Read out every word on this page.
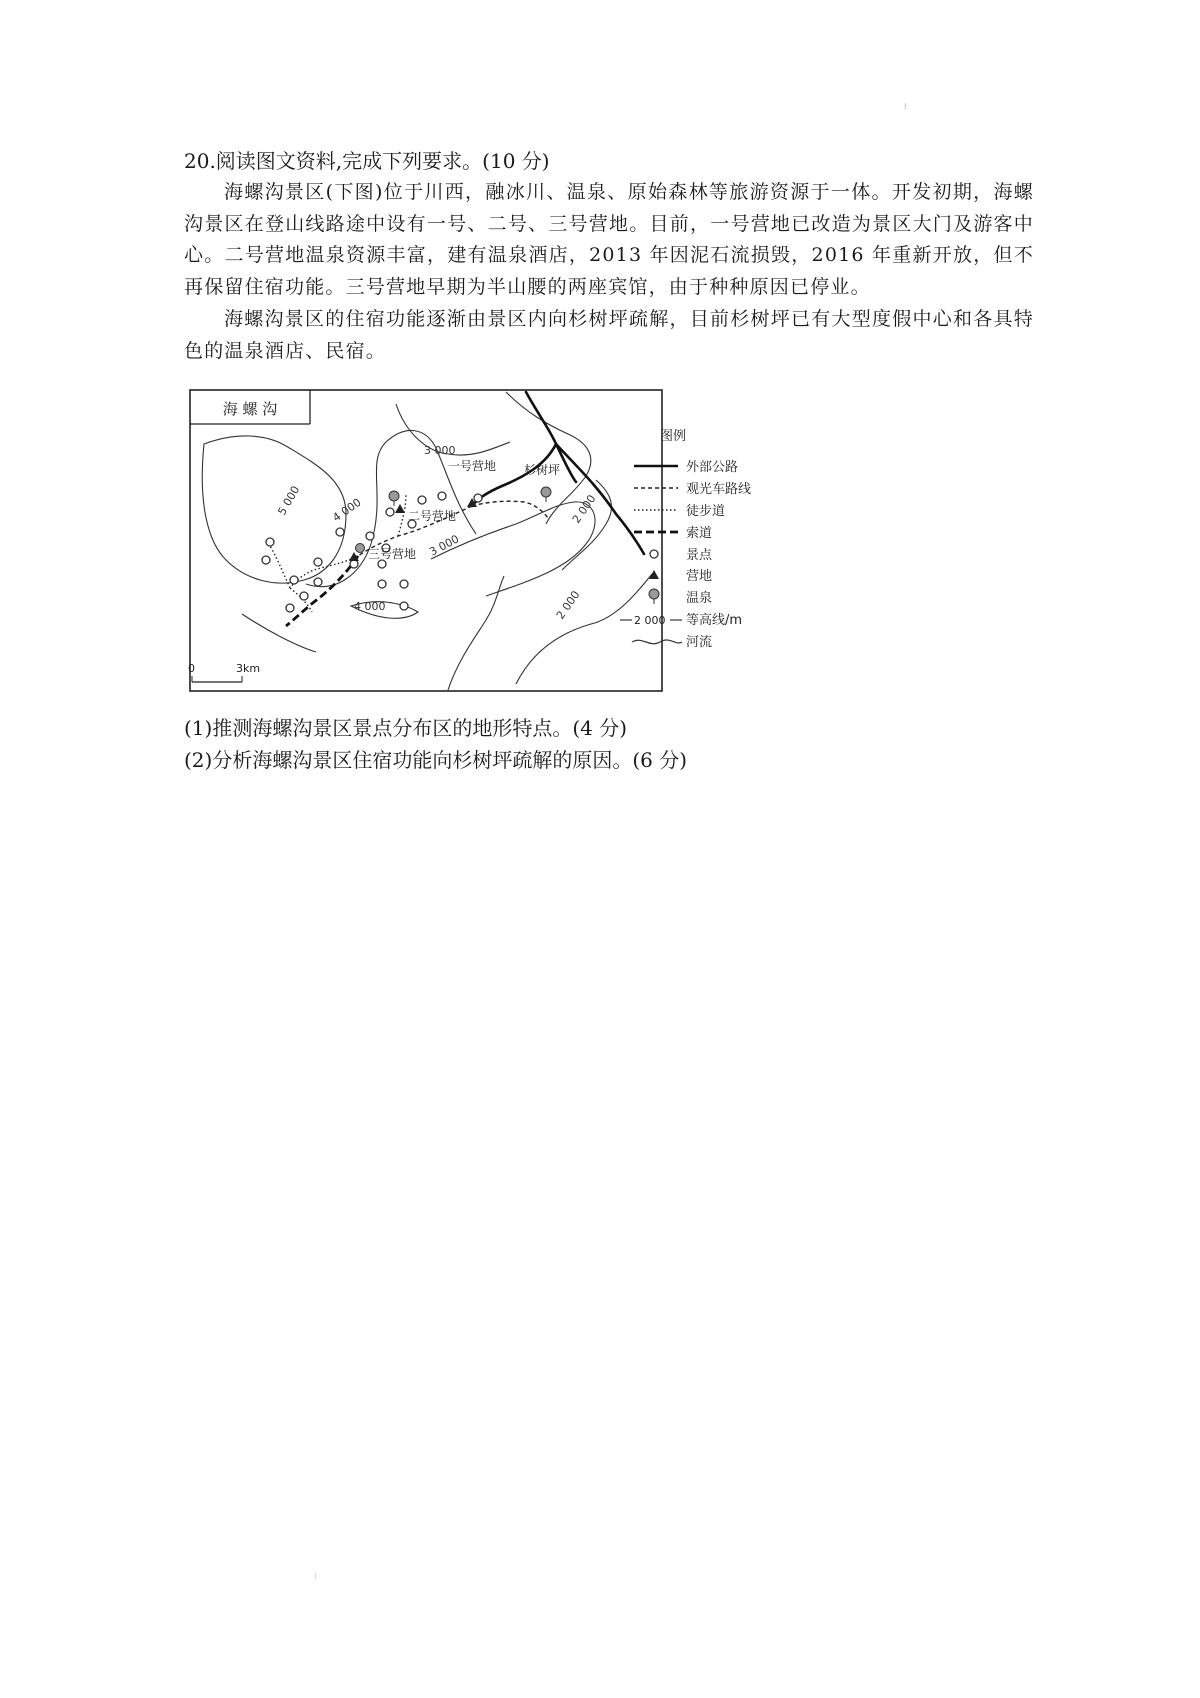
⁞
⁝
20.阅读图文资料,完成下列要求。(10 分)
海螺沟景区(下图)位于川西，融冰川、温泉、原始森林等旅游资源于一体。开发初期，海螺沟景区在登山线路途中设有一号、二号、三号营地。目前，一号营地已改造为景区大门及游客中心。二号营地温泉资源丰富，建有温泉酒店，2013 年因泥石流损毁，2016 年重新开放，但不再保留住宿功能。三号营地早期为半山腰的两座宾馆，由于种种原因已停业。
海螺沟景区的住宿功能逐渐由景区内向杉树坪疏解，目前杉树坪已有大型度假中心和各具特色的温泉酒店、民宿。
海 螺 沟
3 000
5 000	4 000
3 000
4 000
2 000
2 000
一号营地
二号营地
三号营地
杉树坪
0	3km
图例
外部公路
观光车路线
徒步道
索道
景点
营地
温泉
2 000 等高线/m
河流
(1)推测海螺沟景区景点分布区的地形特点。(4 分)
(2)分析海螺沟景区住宿功能向杉树坪疏解的原因。(6 分)
